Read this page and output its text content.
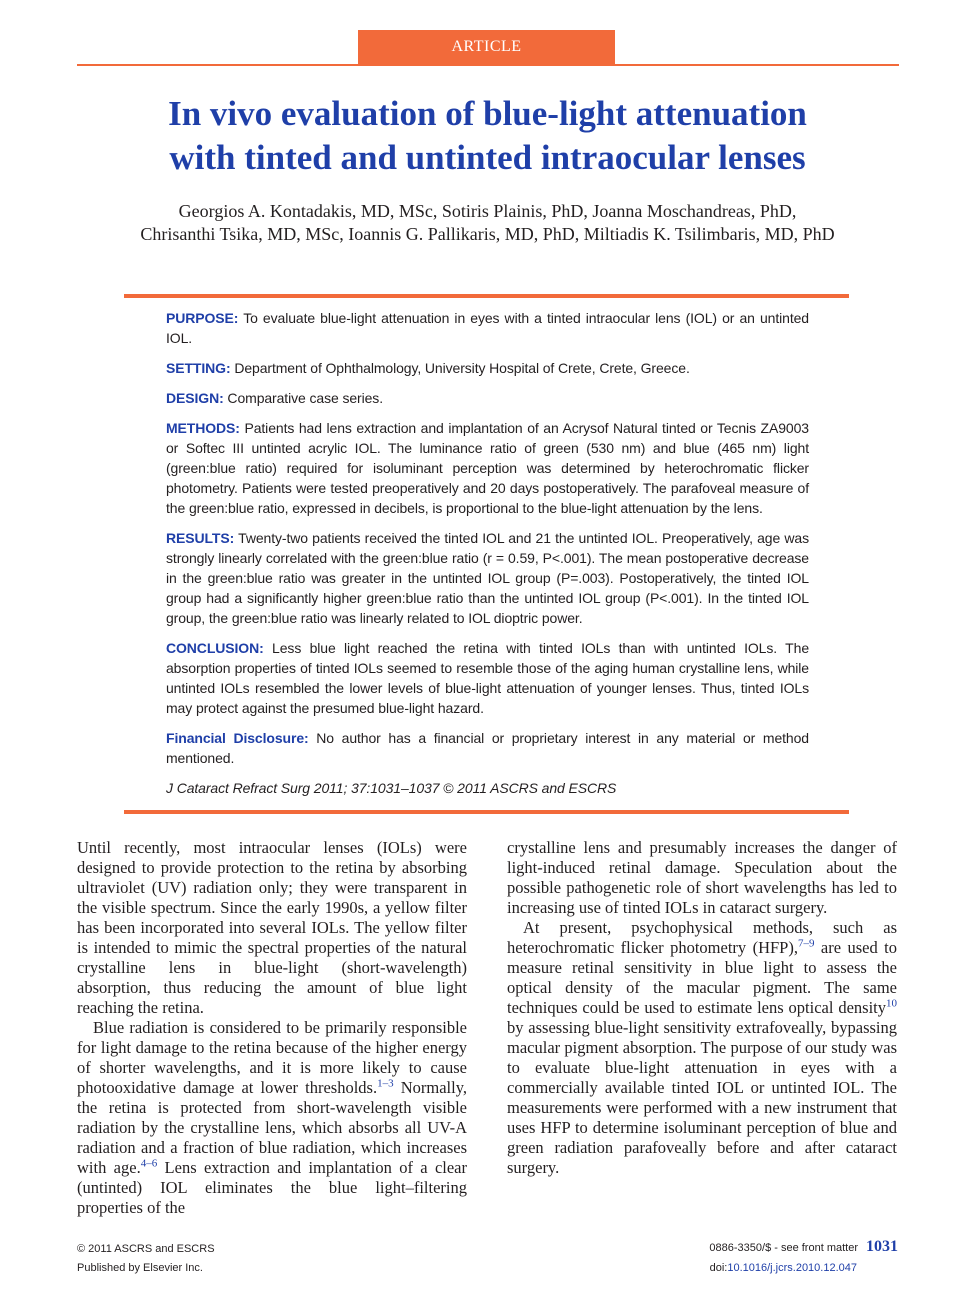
ARTICLE
In vivo evaluation of blue-light attenuation
with tinted and untinted intraocular lenses
Georgios A. Kontadakis, MD, MSc, Sotiris Plainis, PhD, Joanna Moschandreas, PhD,
Chrisanthi Tsika, MD, MSc, Ioannis G. Pallikaris, MD, PhD, Miltiadis K. Tsilimbaris, MD, PhD

PURPOSE: To evaluate blue-light attenuation in eyes with a tinted intraocular lens (IOL) or an untinted IOL.

SETTING: Department of Ophthalmology, University Hospital of Crete, Crete, Greece.

DESIGN: Comparative case series.

METHODS: Patients had lens extraction and implantation of an Acrysof Natural tinted or Tecnis ZA9003 or Softec III untinted acrylic IOL. The luminance ratio of green (530 nm) and blue (465 nm) light (green:blue ratio) required for isoluminant perception was determined by heterochromatic flicker photometry. Patients were tested preoperatively and 20 days postoperatively. The parafoveal measure of the green:blue ratio, expressed in decibels, is proportional to the blue-light attenuation by the lens.

RESULTS: Twenty-two patients received the tinted IOL and 21 the untinted IOL. Preoperatively, age was strongly linearly correlated with the green:blue ratio (r = 0.59, P<.001). The mean postoperative decrease in the green:blue ratio was greater in the untinted IOL group (P=.003). Postoperatively, the tinted IOL group had a significantly higher green:blue ratio than the untinted IOL group (P<.001). In the tinted IOL group, the green:blue ratio was linearly related to IOL dioptric power.

CONCLUSION: Less blue light reached the retina with tinted IOLs than with untinted IOLs. The absorption properties of tinted IOLs seemed to resemble those of the aging human crystalline lens, while untinted IOLs resembled the lower levels of blue-light attenuation of younger lenses. Thus, tinted IOLs may protect against the presumed blue-light hazard.

Financial Disclosure: No author has a financial or proprietary interest in any material or method mentioned.

J Cataract Refract Surg 2011; 37:1031–1037 © 2011 ASCRS and ESCRS

Until recently, most intraocular lenses (IOLs) were designed to provide protection to the retina by absorbing ultraviolet (UV) radiation only; they were transparent in the visible spectrum. Since the early 1990s, a yellow filter has been incorporated into several IOLs. The yellow filter is intended to mimic the spectral properties of the natural crystalline lens in blue-light (short-wavelength) absorption, thus reducing the amount of blue light reaching the retina.

Blue radiation is considered to be primarily responsible for light damage to the retina because of the higher energy of shorter wavelengths, and it is more likely to cause photooxidative damage at lower thresholds.$^{1-3}$ Normally, the retina is protected from short-wavelength visible radiation by the crystalline lens, which absorbs all UV-A radiation and a fraction of blue radiation, which increases with age.$^{4-6}$ Lens extraction and implantation of a clear (untinted) IOL eliminates the blue light–filtering properties of the

crystalline lens and presumably increases the danger of light-induced retinal damage. Speculation about the possible pathogenetic role of short wavelengths has led to increasing use of tinted IOLs in cataract surgery.

At present, psychophysical methods, such as heterochromatic flicker photometry (HFP),$^{7-9}$ are used to measure retinal sensitivity in blue light to assess the optical density of the macular pigment. The same techniques could be used to estimate lens optical density$^{10}$ by assessing blue-light sensitivity extrafoveally, bypassing macular pigment absorption. The purpose of our study was to evaluate blue-light attenuation in eyes with a commercially available tinted IOL or untinted IOL. The measurements were performed with a new instrument that uses HFP to determine isoluminant perception of blue and green radiation parafoveally before and after cataract surgery.

© 2011 ASCRS and ESCRS
Published by Elsevier Inc.
0886-3350/$ - see front matter 1031
doi:10.1016/j.jcrs.2010.12.047
